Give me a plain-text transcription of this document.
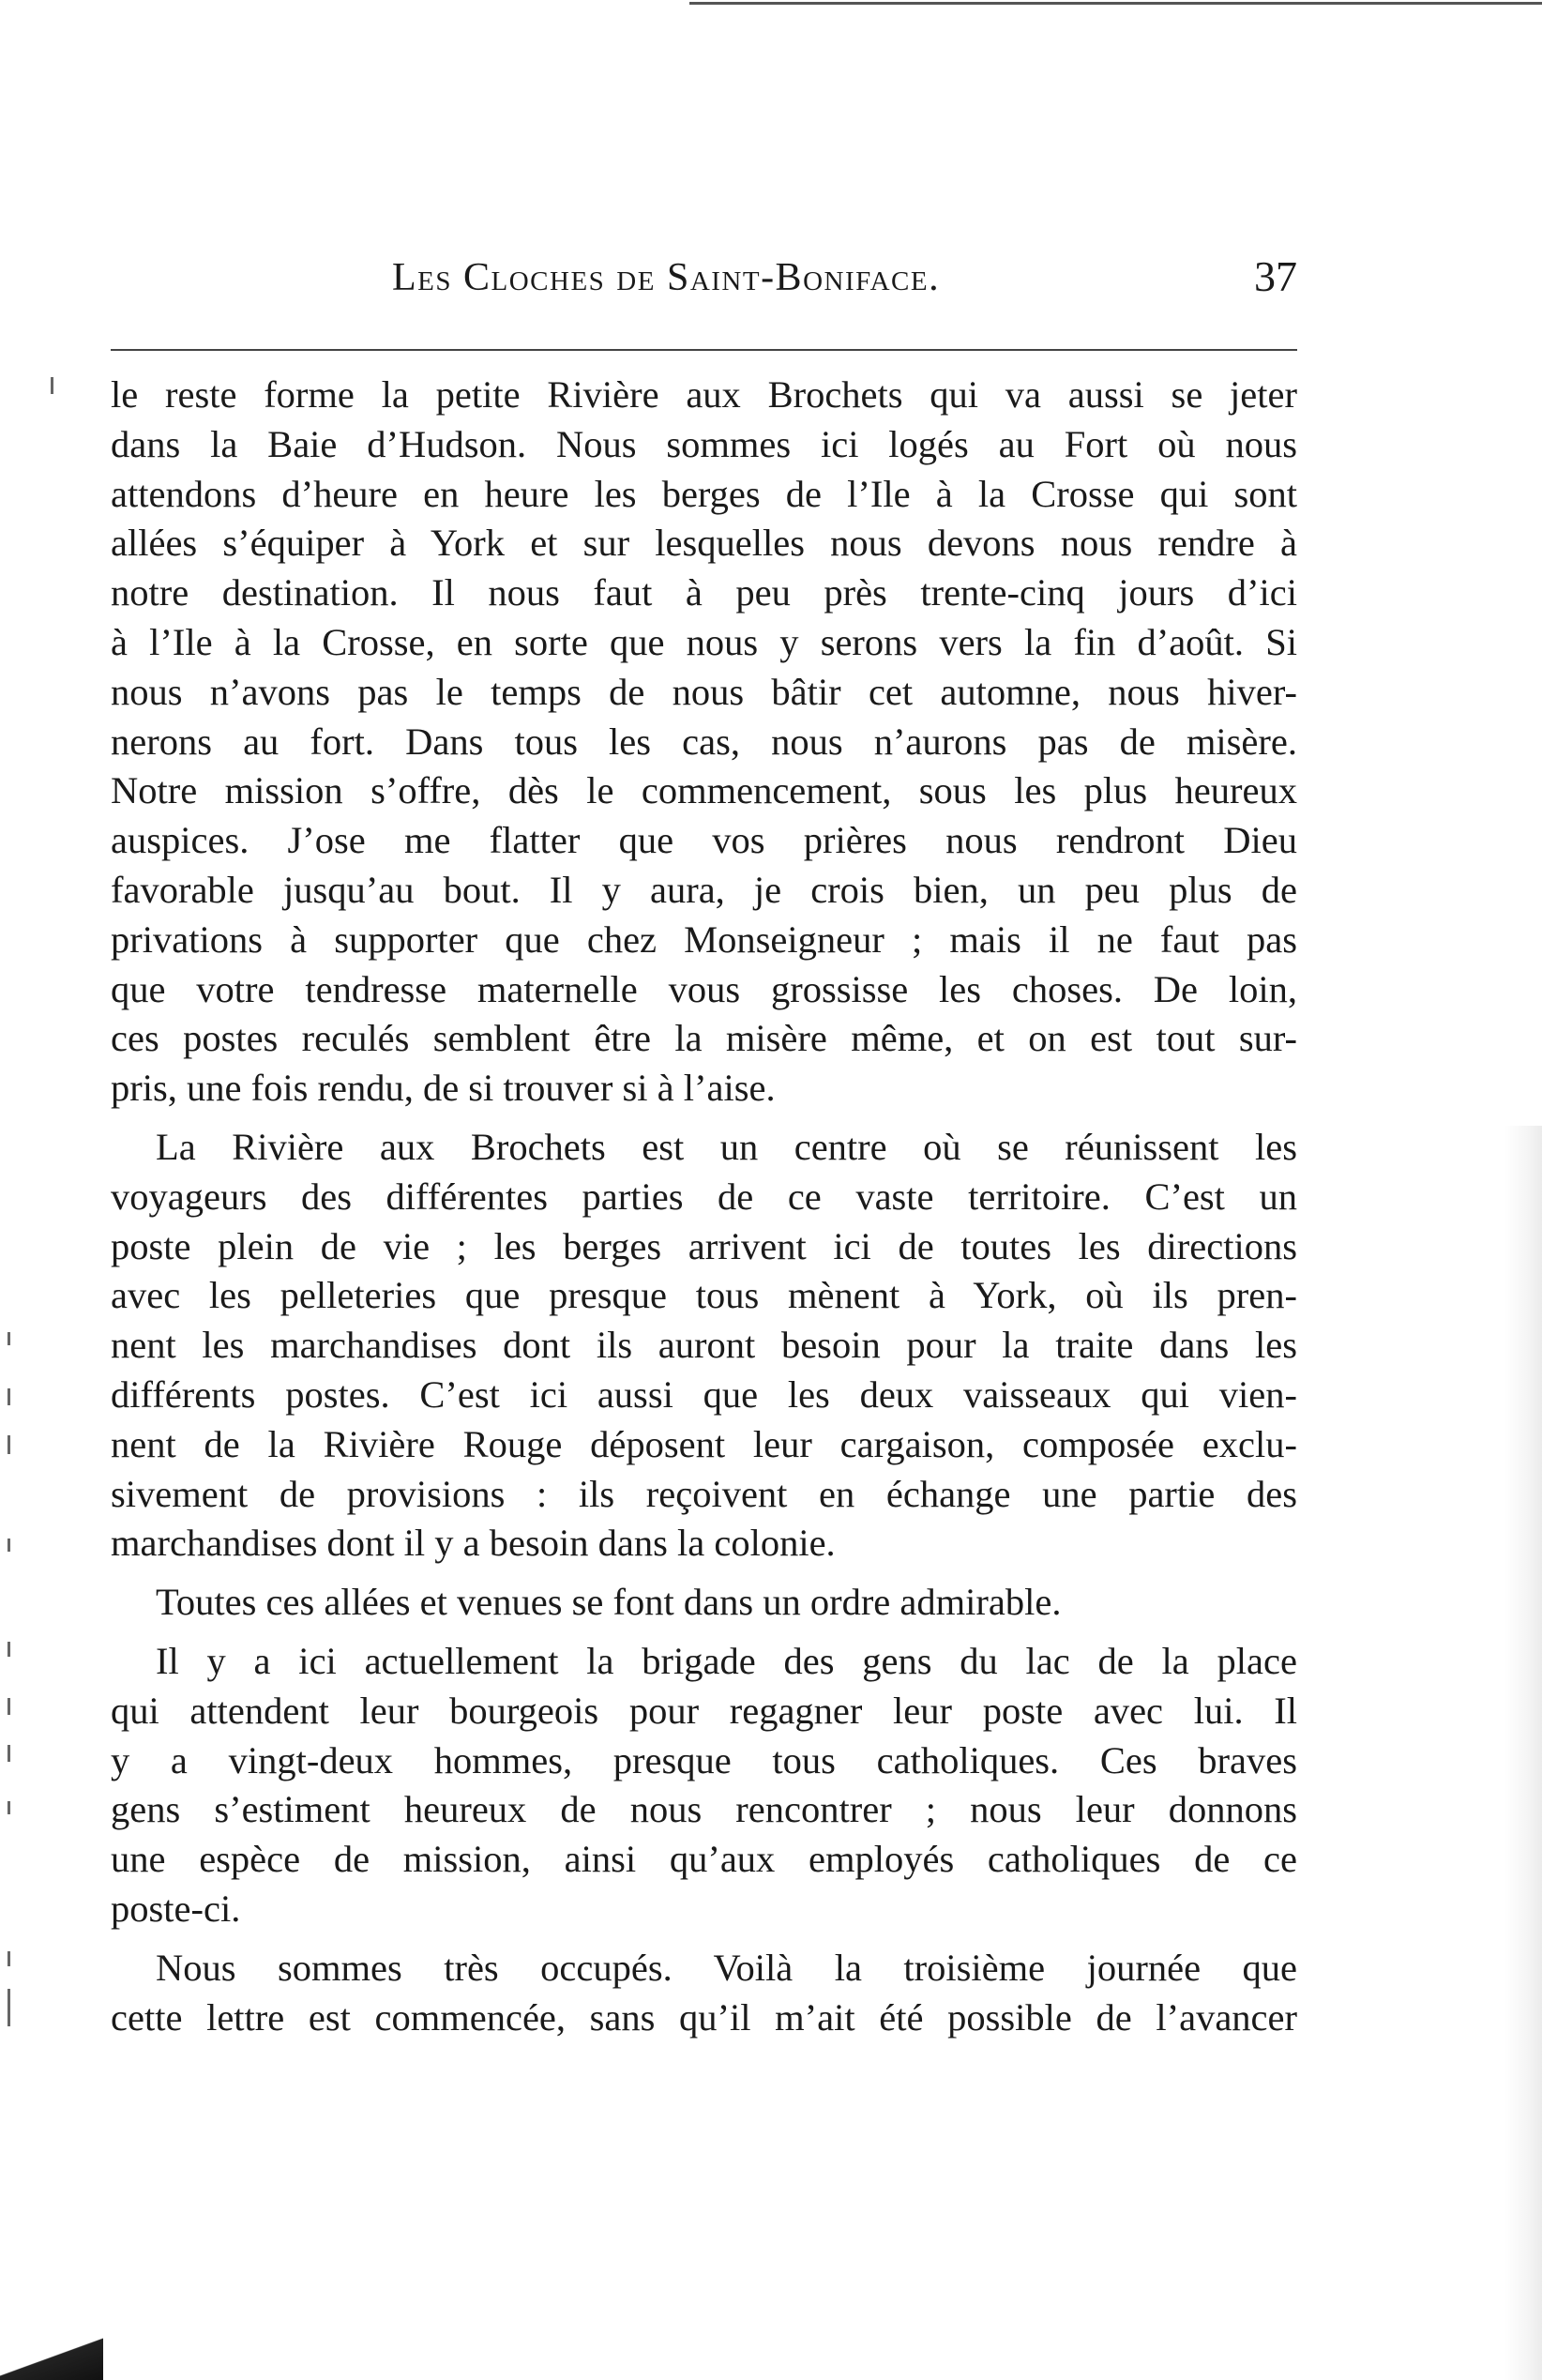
Les Cloches de Saint-Boniface.	37

le reste forme la petite Rivière aux Brochets qui va aussi se jeter
dans la Baie d’Hudson. Nous sommes ici logés au Fort où nous
attendons d’heure en heure les berges de l’Ile à la Crosse qui sont
allées s’équiper à York et sur lesquelles nous devons nous rendre à
notre destination. Il nous faut à peu près trente-cinq jours d’ici
à l’Ile à la Crosse, en sorte que nous y serons vers la fin d’août. Si
nous n’avons pas le temps de nous bâtir cet automne, nous hiver-
nerons au fort. Dans tous les cas, nous n’aurons pas de misère.
Notre mission s’offre, dès le commencement, sous les plus heureux
auspices. J’ose me flatter que vos prières nous rendront Dieu
favorable jusqu’au bout. Il y aura, je crois bien, un peu plus de
privations à supporter que chez Monseigneur ; mais il ne faut pas
que votre tendresse maternelle vous grossisse les choses. De loin,
ces postes reculés semblent être la misère même, et on est tout sur-
pris, une fois rendu, de si trouver si à l’aise.

La Rivière aux Brochets est un centre où se réunissent les
voyageurs des différentes parties de ce vaste territoire. C’est un
poste plein de vie ; les berges arrivent ici de toutes les directions
avec les pelleteries que presque tous mènent à York, où ils pren-
nent les marchandises dont ils auront besoin pour la traite dans les
différents postes. C’est ici aussi que les deux vaisseaux qui vien-
nent de la Rivière Rouge déposent leur cargaison, composée exclu-
sivement de provisions : ils reçoivent en échange une partie des
marchandises dont il y a besoin dans la colonie.

Toutes ces allées et venues se font dans un ordre admirable.

Il y a ici actuellement la brigade des gens du lac de la place
qui attendent leur bourgeois pour regagner leur poste avec lui. Il
y a vingt-deux hommes, presque tous catholiques. Ces braves
gens s’estiment heureux de nous rencontrer ; nous leur donnons
une espèce de mission, ainsi qu’aux employés catholiques de ce
poste-ci.

Nous sommes très occupés. Voilà la troisième journée que
cette lettre est commencée, sans qu’il m’ait été possible de l’avancer
